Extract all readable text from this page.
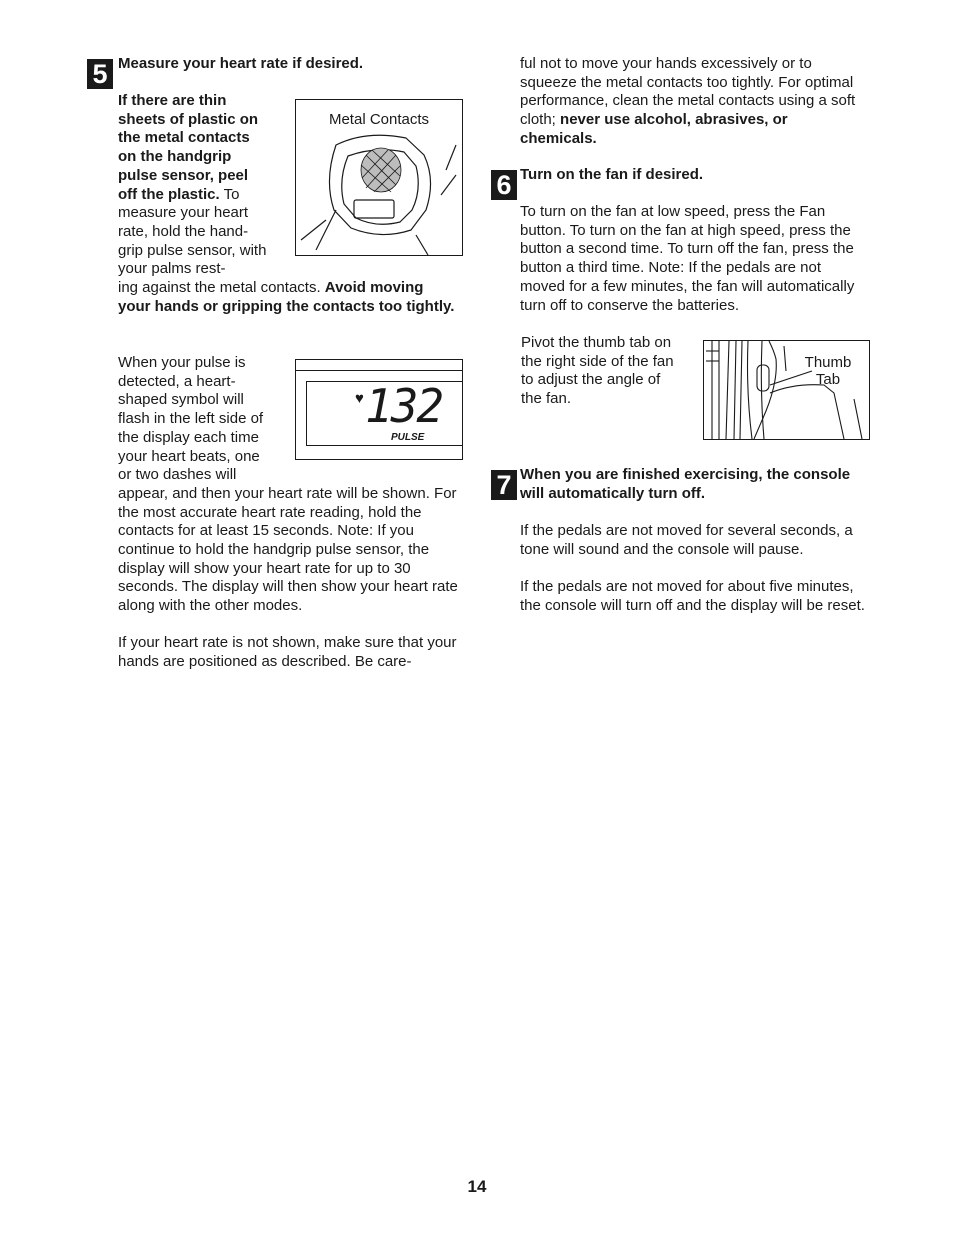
5 Measure your heart rate if desired.

If there are thin sheets of plastic on the metal contacts on the handgrip pulse sensor, peel off the plastic. To measure your heart rate, hold the handgrip pulse sensor, with your palms rest-

ing against the metal contacts. Avoid moving your hands or gripping the contacts too tightly.

Metal Contacts

When your pulse is detected, a heart-shaped symbol will flash in the left side of the display each time your heart beats, one or two dashes will appear, and then your heart rate will be shown. For the most accurate heart rate reading, hold the contacts for at least 15 seconds. Note: If you continue to hold the handgrip pulse sensor, the display will show your heart rate for up to 30 seconds. The display will then show your heart rate along with the other modes.

♥ 132
PULSE

If your heart rate is not shown, make sure that your hands are positioned as described. Be care-

ful not to move your hands excessively or to squeeze the metal contacts too tightly. For optimal performance, clean the metal contacts using a soft cloth; never use alcohol, abrasives, or chemicals.

6 Turn on the fan if desired.

To turn on the fan at low speed, press the Fan button. To turn on the fan at high speed, press the button a second time. To turn off the fan, press the button a third time. Note: If the pedals are not moved for a few minutes, the fan will automatically turn off to conserve the batteries.

Pivot the thumb tab on the right side of the fan to adjust the angle of the fan.

Thumb
Tab
7 When you are finished exercising, the console will automatically turn off.

If the pedals are not moved for several seconds, a tone will sound and the console will pause.

If the pedals are not moved for about five minutes, the console will turn off and the display will be reset.

14
